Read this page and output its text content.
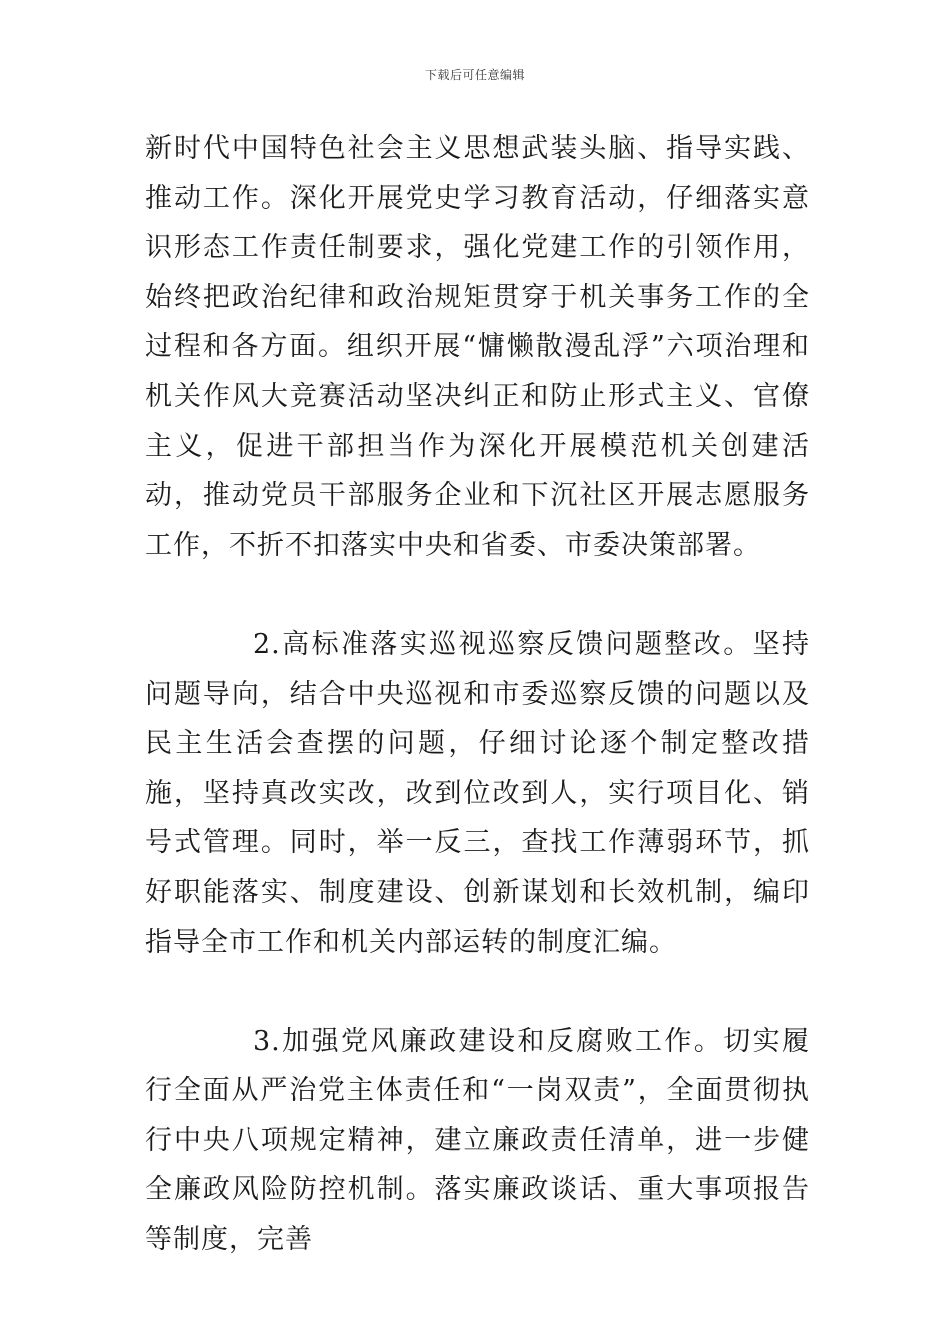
下载后可任意编辑

新时代中国特色社会主义思想武装头脑、指导实践、推动工作。深化开展党史学习教育活动，仔细落实意识形态工作责任制要求，强化党建工作的引领作用，始终把政治纪律和政治规矩贯穿于机关事务工作的全过程和各方面。组织开展“慵懒散漫乱浮”六项治理和机关作风大竞赛活动坚决纠正和防止形式主义、官僚主义，促进干部担当作为深化开展模范机关创建活动，推动党员干部服务企业和下沉社区开展志愿服务工作，不折不扣落实中央和省委、市委决策部署。

2.高标准落实巡视巡察反馈问题整改。坚持问题导向，结合中央巡视和市委巡察反馈的问题以及民主生活会查摆的问题，仔细讨论逐个制定整改措施，坚持真改实改，改到位改到人，实行项目化、销号式管理。同时，举一反三，查找工作薄弱环节，抓好职能落实、制度建设、创新谋划和长效机制，编印指导全市工作和机关内部运转的制度汇编。

3.加强党风廉政建设和反腐败工作。切实履行全面从严治党主体责任和“一岗双责”，全面贯彻执行中央八项规定精神，建立廉政责任清单，进一步健全廉政风险防控机制。落实廉政谈话、重大事项报告等制度，完善
